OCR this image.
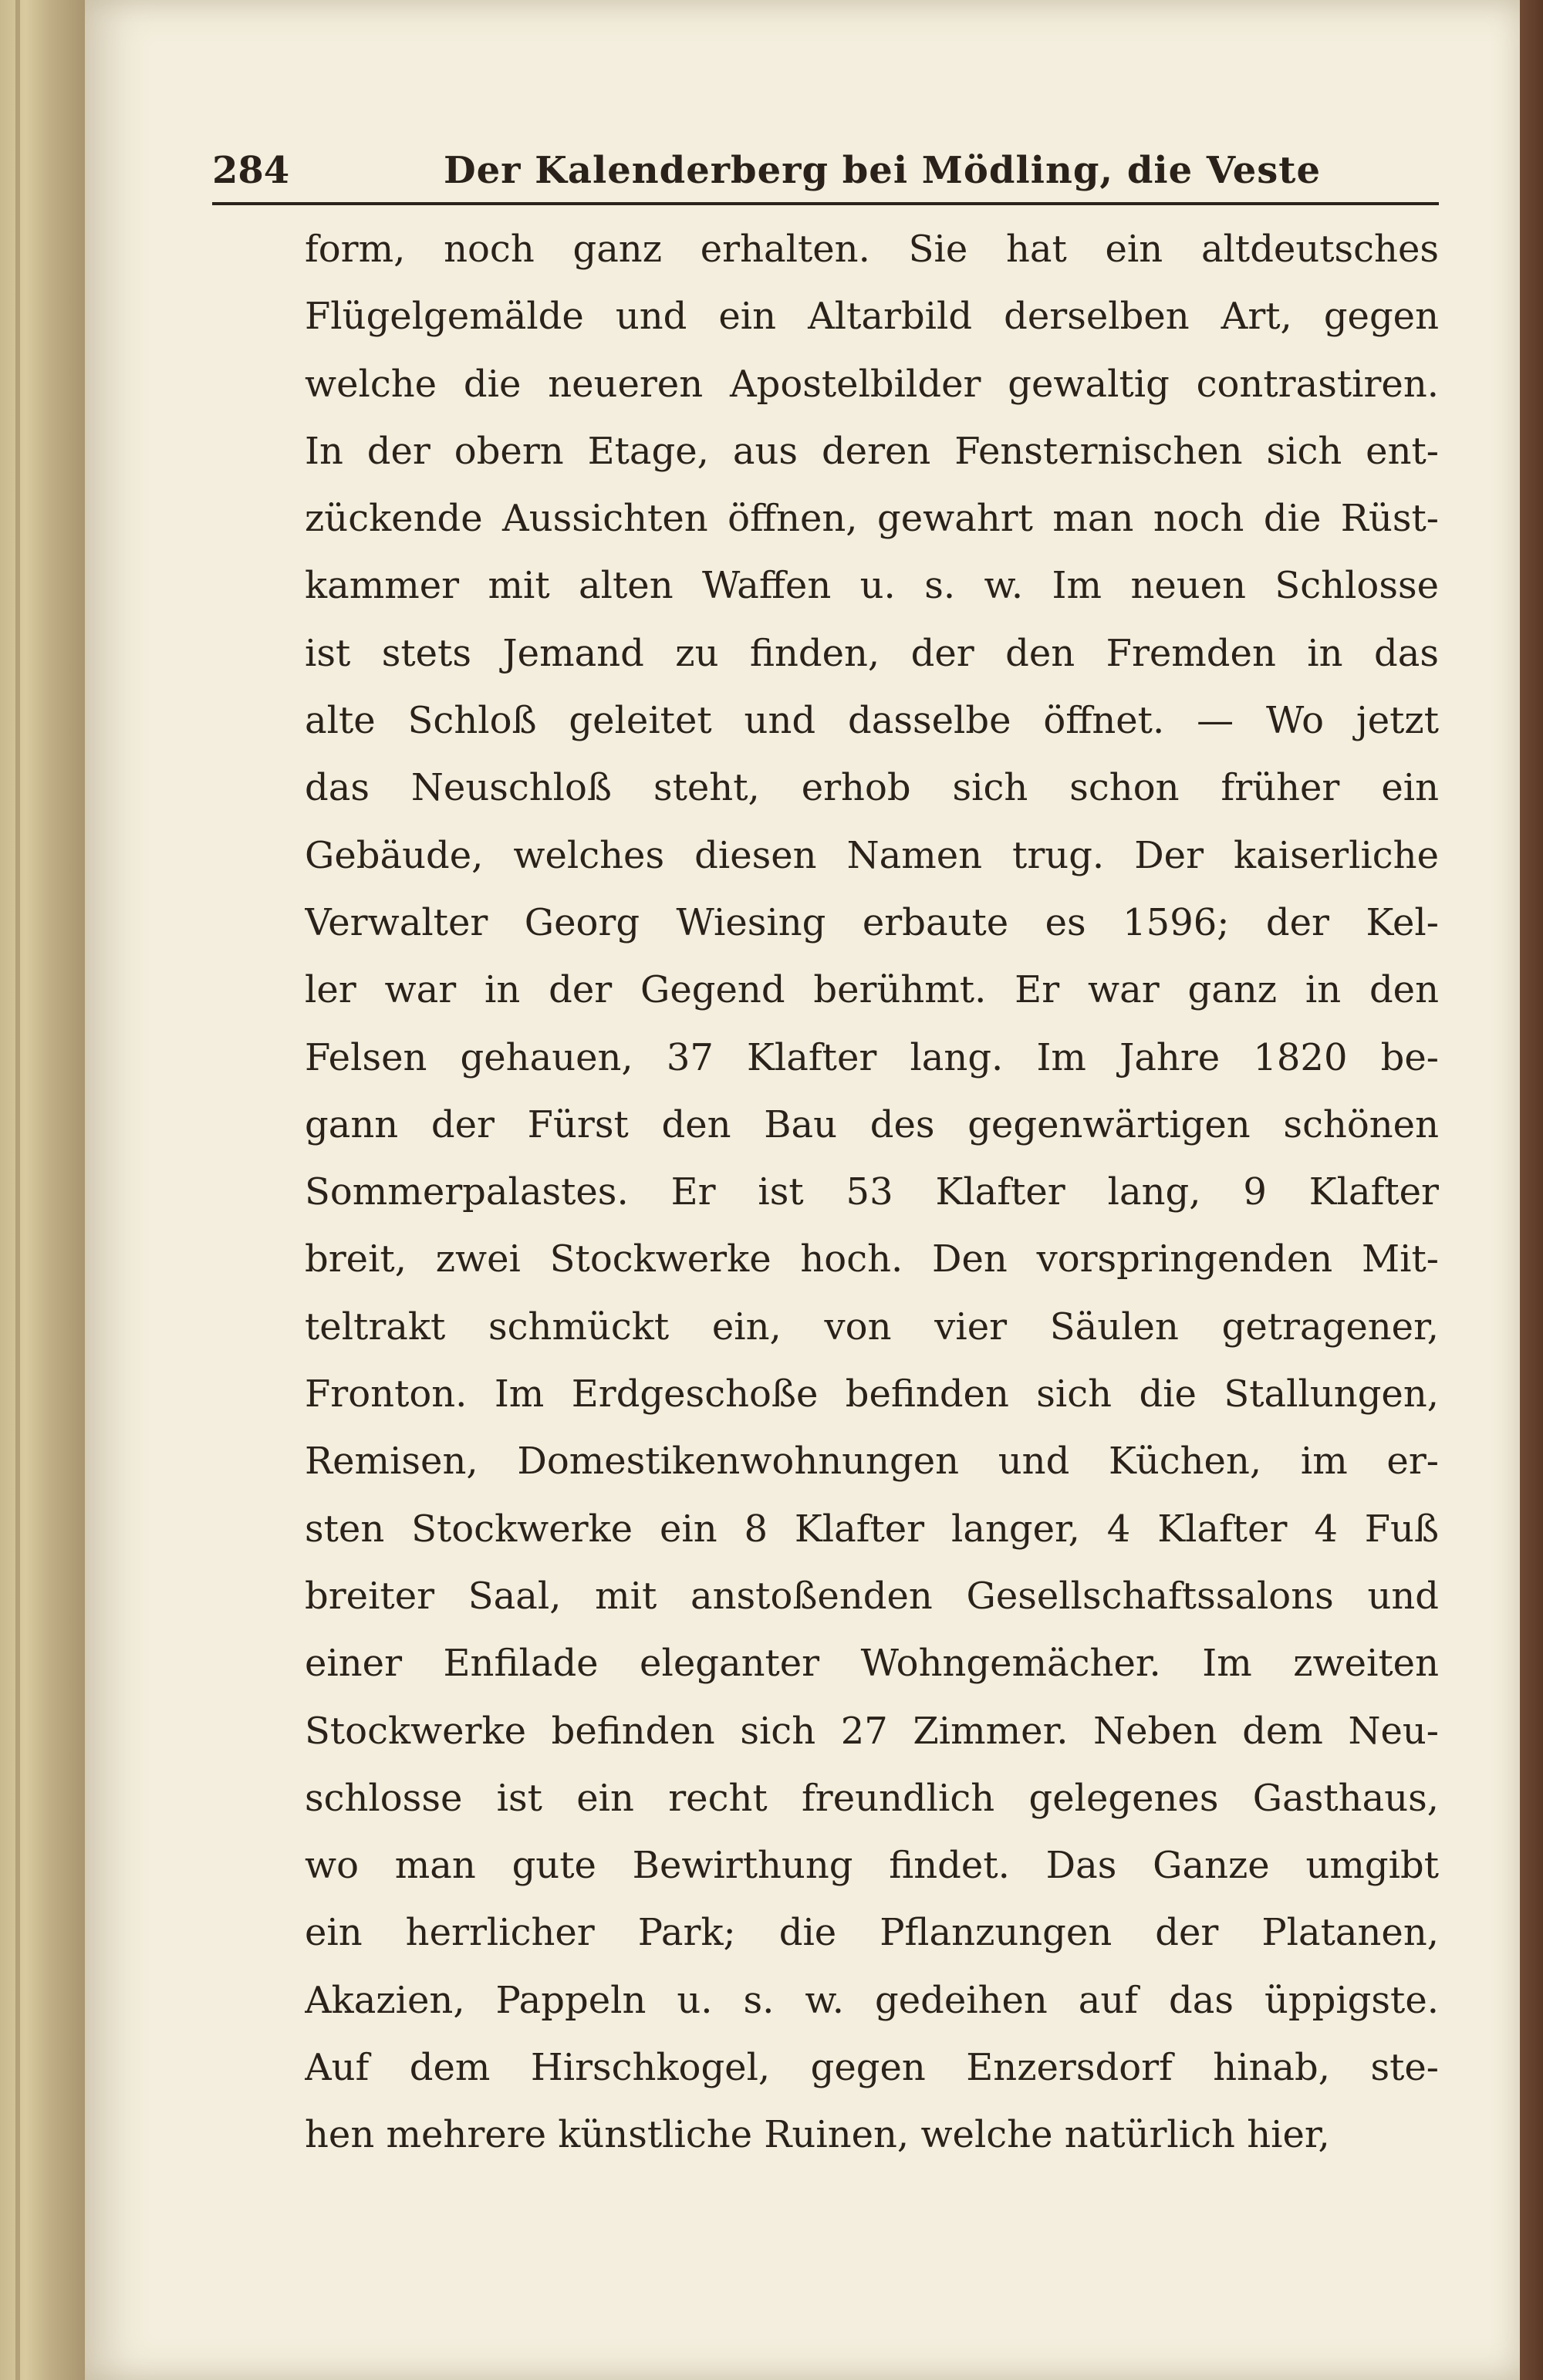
284	Der Kalenderberg bei Mödling, die Veste
form, noch ganz erhalten. Sie hat ein altdeutsches
Flügelgemälde und ein Altarbild derselben Art, gegen
welche die neueren Apostelbilder gewaltig contrastiren.
In der obern Etage, aus deren Fensternischen sich ent-
zückende Aussichten öffnen, gewahrt man noch die Rüst-
kammer mit alten Waffen u. s. w. Im neuen Schlosse
ist stets Jemand zu finden, der den Fremden in das
alte Schloß geleitet und dasselbe öffnet. — Wo jetzt
das Neuschloß steht, erhob sich schon früher ein
Gebäude, welches diesen Namen trug. Der kaiserliche
Verwalter Georg Wiesing erbaute es 1596; der Kel-
ler war in der Gegend berühmt. Er war ganz in den
Felsen gehauen, 37 Klafter lang. Im Jahre 1820 be-
gann der Fürst den Bau des gegenwärtigen schönen
Sommerpalastes. Er ist 53 Klafter lang, 9 Klafter
breit, zwei Stockwerke hoch. Den vorspringenden Mit-
teltrakt schmückt ein, von vier Säulen getragener,
Fronton. Im Erdgeschoße befinden sich die Stallungen,
Remisen, Domestikenwohnungen und Küchen, im er-
sten Stockwerke ein 8 Klafter langer, 4 Klafter 4 Fuß
breiter Saal, mit anstoßenden Gesellschaftssalons und
einer Enfilade eleganter Wohngemächer. Im zweiten
Stockwerke befinden sich 27 Zimmer. Neben dem Neu-
schlosse ist ein recht freundlich gelegenes Gasthaus,
wo man gute Bewirthung findet. Das Ganze umgibt
ein herrlicher Park; die Pflanzungen der Platanen,
Akazien, Pappeln u. s. w. gedeihen auf das üppigste.
Auf dem Hirschkogel, gegen Enzersdorf hinab, ste-
hen mehrere künstliche Ruinen, welche natürlich hier,
